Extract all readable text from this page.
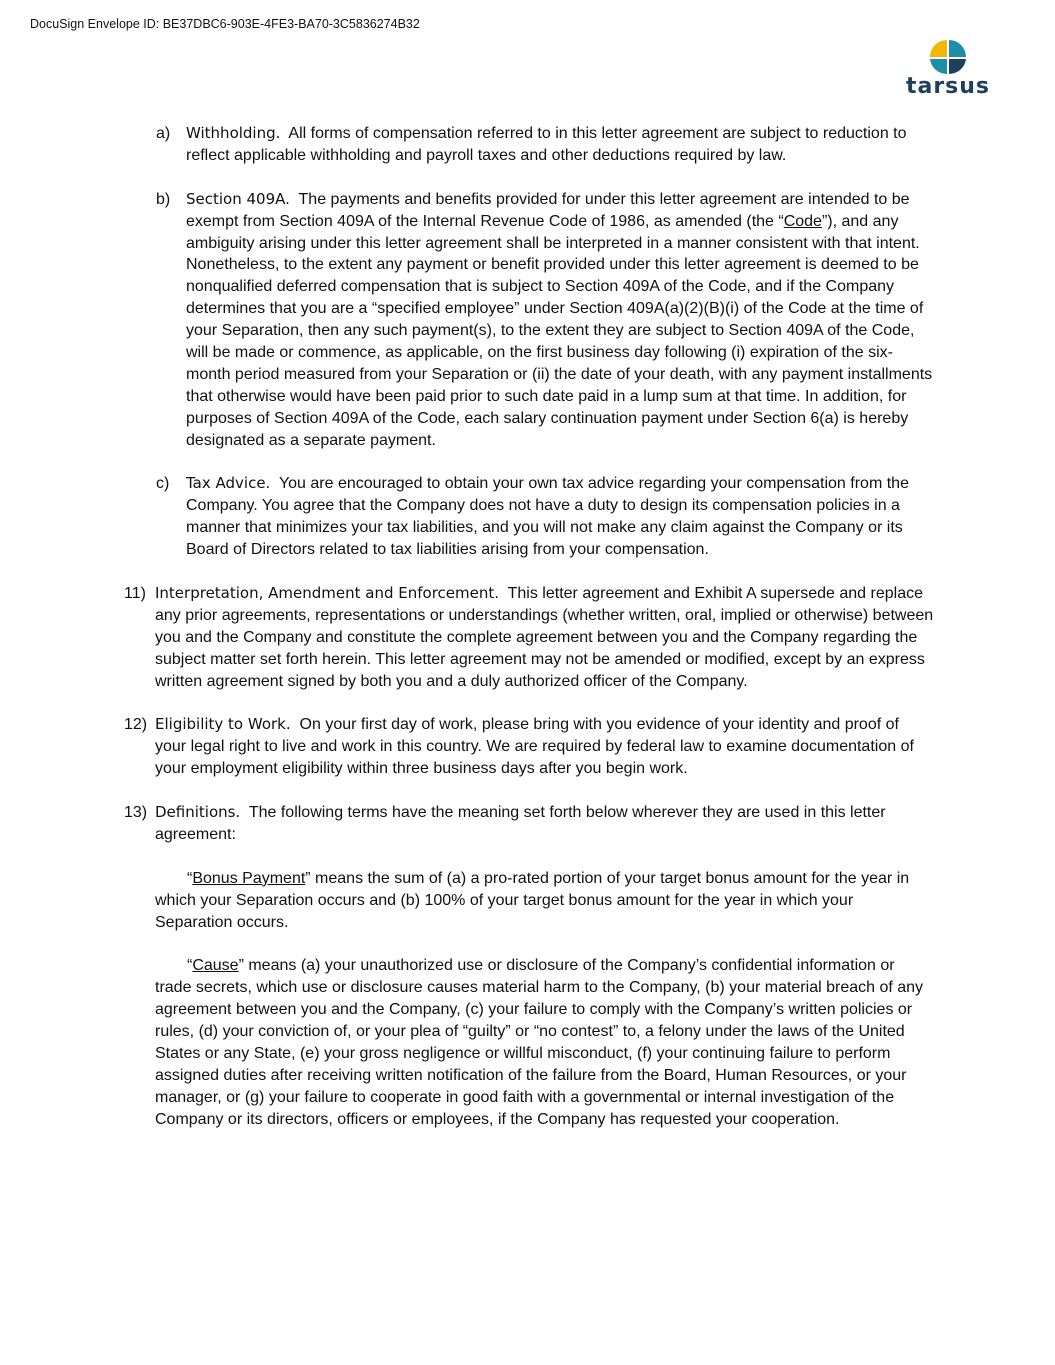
DocuSign Envelope ID: BE37DBC6-903E-4FE3-BA70-3C5836274B32
tarsus
a) Withholding. All forms of compensation referred to in this letter agreement are subject to reduction to reflect applicable withholding and payroll taxes and other deductions required by law.

b) Section 409A. The payments and benefits provided for under this letter agreement are intended to be exempt from Section 409A of the Internal Revenue Code of 1986, as amended (the “Code”), and any ambiguity arising under this letter agreement shall be interpreted in a manner consistent with that intent. Nonetheless, to the extent any payment or benefit provided under this letter agreement is deemed to be nonqualified deferred compensation that is subject to Section 409A of the Code, and if the Company determines that you are a “specified employee” under Section 409A(a)(2)(B)(i) of the Code at the time of your Separation, then any such payment(s), to the extent they are subject to Section 409A of the Code, will be made or commence, as applicable, on the first business day following (i) expiration of the six-month period measured from your Separation or (ii) the date of your death, with any payment installments that otherwise would have been paid prior to such date paid in a lump sum at that time. In addition, for purposes of Section 409A of the Code, each salary continuation payment under Section 6(a) is hereby designated as a separate payment.

c) Tax Advice. You are encouraged to obtain your own tax advice regarding your compensation from the Company. You agree that the Company does not have a duty to design its compensation policies in a manner that minimizes your tax liabilities, and you will not make any claim against the Company or its Board of Directors related to tax liabilities arising from your compensation.

11) Interpretation, Amendment and Enforcement. This letter agreement and Exhibit A supersede and replace any prior agreements, representations or understandings (whether written, oral, implied or otherwise) between you and the Company and constitute the complete agreement between you and the Company regarding the subject matter set forth herein. This letter agreement may not be amended or modified, except by an express written agreement signed by both you and a duly authorized officer of the Company.

12) Eligibility to Work. On your first day of work, please bring with you evidence of your identity and proof of your legal right to live and work in this country. We are required by federal law to examine documentation of your employment eligibility within three business days after you begin work.

13) Definitions. The following terms have the meaning set forth below wherever they are used in this letter agreement:

“Bonus Payment” means the sum of (a) a pro-rated portion of your target bonus amount for the year in which your Separation occurs and (b) 100% of your target bonus amount for the year in which your Separation occurs.

“Cause” means (a) your unauthorized use or disclosure of the Company’s confidential information or trade secrets, which use or disclosure causes material harm to the Company, (b) your material breach of any agreement between you and the Company, (c) your failure to comply with the Company’s written policies or rules, (d) your conviction of, or your plea of “guilty” or “no contest” to, a felony under the laws of the United States or any State, (e) your gross negligence or willful misconduct, (f) your continuing failure to perform assigned duties after receiving written notification of the failure from the Board, Human Resources, or your manager, or (g) your failure to cooperate in good faith with a governmental or internal investigation of the Company or its directors, officers or employees, if the Company has requested your cooperation.
